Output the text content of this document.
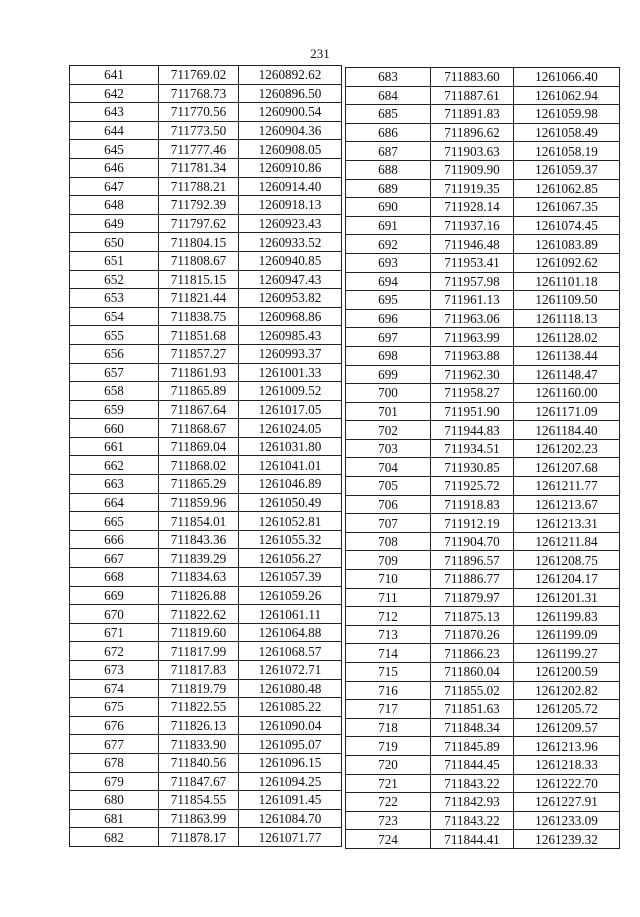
231
641	711769.02	1260892.62
642	711768.73	1260896.50
643	711770.56	1260900.54
644	711773.50	1260904.36
645	711777.46	1260908.05
646	711781.34	1260910.86
647	711788.21	1260914.40
648	711792.39	1260918.13
649	711797.62	1260923.43
650	711804.15	1260933.52
651	711808.67	1260940.85
652	711815.15	1260947.43
653	711821.44	1260953.82
654	711838.75	1260968.86
655	711851.68	1260985.43
656	711857.27	1260993.37
657	711861.93	1261001.33
658	711865.89	1261009.52
659	711867.64	1261017.05
660	711868.67	1261024.05
661	711869.04	1261031.80
662	711868.02	1261041.01
663	711865.29	1261046.89
664	711859.96	1261050.49
665	711854.01	1261052.81
666	711843.36	1261055.32
667	711839.29	1261056.27
668	711834.63	1261057.39
669	711826.88	1261059.26
670	711822.62	1261061.11
671	711819.60	1261064.88
672	711817.99	1261068.57
673	711817.83	1261072.71
674	711819.79	1261080.48
675	711822.55	1261085.22
676	711826.13	1261090.04
677	711833.90	1261095.07
678	711840.56	1261096.15
679	711847.67	1261094.25
680	711854.55	1261091.45
681	711863.99	1261084.70
682	711878.17	1261071.77
683	711883.60	1261066.40
684	711887.61	1261062.94
685	711891.83	1261059.98
686	711896.62	1261058.49
687	711903.63	1261058.19
688	711909.90	1261059.37
689	711919.35	1261062.85
690	711928.14	1261067.35
691	711937.16	1261074.45
692	711946.48	1261083.89
693	711953.41	1261092.62
694	711957.98	1261101.18
695	711961.13	1261109.50
696	711963.06	1261118.13
697	711963.99	1261128.02
698	711963.88	1261138.44
699	711962.30	1261148.47
700	711958.27	1261160.00
701	711951.90	1261171.09
702	711944.83	1261184.40
703	711934.51	1261202.23
704	711930.85	1261207.68
705	711925.72	1261211.77
706	711918.83	1261213.67
707	711912.19	1261213.31
708	711904.70	1261211.84
709	711896.57	1261208.75
710	711886.77	1261204.17
711	711879.97	1261201.31
712	711875.13	1261199.83
713	711870.26	1261199.09
714	711866.23	1261199.27
715	711860.04	1261200.59
716	711855.02	1261202.82
717	711851.63	1261205.72
718	711848.34	1261209.57
719	711845.89	1261213.96
720	711844.45	1261218.33
721	711843.22	1261222.70
722	711842.93	1261227.91
723	711843.22	1261233.09
724	711844.41	1261239.32
